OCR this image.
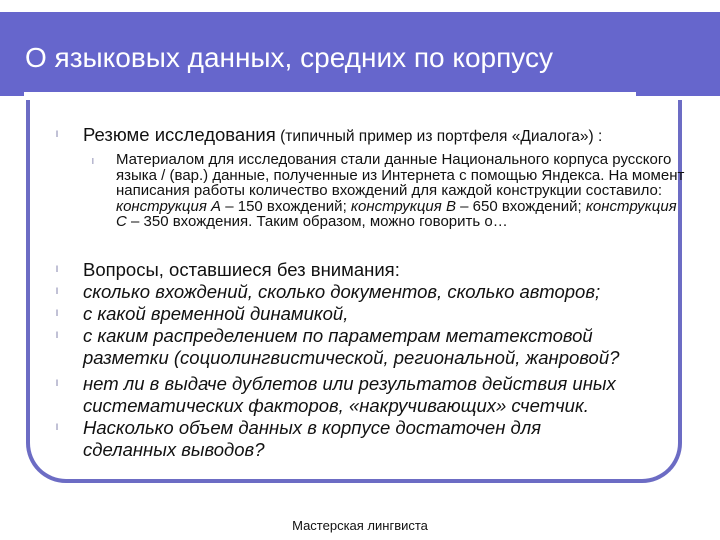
О языковых данных, средних по корпусу
l Резюме исследования (типичный пример из портфеля «Диалога») :
l Материалом для исследования стали данные Национального корпуса русского языка / (вар.) данные, полученные из Интернета с помощью Яндекса. На момент написания работы количество вхождений для каждой конструкции составило: конструкция A – 150 вхождений; конструкция B – 650 вхождений; конструкция C – 350 вхождения. Таким образом, можно говорить о…
l Вопросы, оставшиеся без внимания:
l сколько вхождений, сколько документов, сколько авторов;
l с какой временной динамикой,
l с каким распределением по параметрам метатекстовой разметки (социолингвистической, региональной, жанровой?
l нет ли в выдаче дублетов или результатов действия иных систематических факторов, «накручивающих» счетчик.
l Насколько объем данных в корпусе достаточен для сделанных выводов?
Мастерская лингвиста
